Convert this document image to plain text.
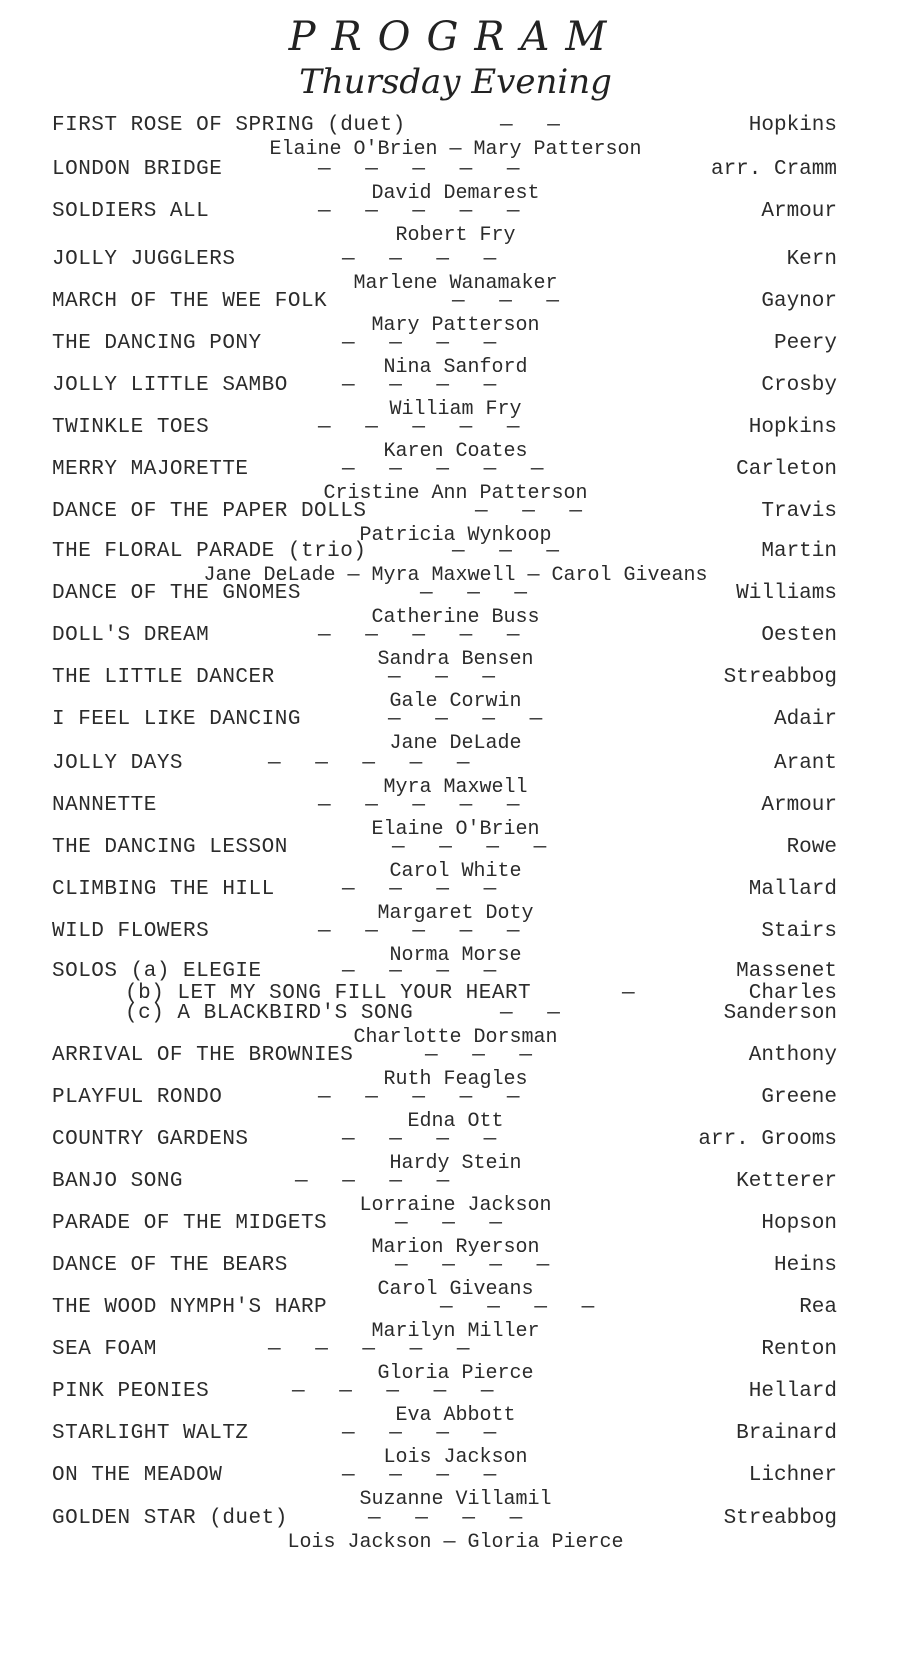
PROGRAM
Thursday Evening
FIRST ROSE OF SPRING (duet)	— —	Hopkins
Elaine O'Brien — Mary Patterson
LONDON BRIDGE	— — — — —	arr. Cramm
David Demarest
SOLDIERS ALL	— — — — —	Armour
Robert Fry
JOLLY JUGGLERS	— — — —	Kern
Marlene Wanamaker
MARCH OF THE WEE FOLK	— — —	Gaynor
Mary Patterson
THE DANCING PONY	— — — —	Peery
Nina Sanford
JOLLY LITTLE SAMBO	— — — —	Crosby
William Fry
TWINKLE TOES	— — — — —	Hopkins
Karen Coates
MERRY MAJORETTE	— — — — —	Carleton
Cristine Ann Patterson
DANCE OF THE PAPER DOLLS	— — —	Travis
Patricia Wynkoop
THE FLORAL PARADE (trio)	— — —	Martin
Jane DeLade — Myra Maxwell — Carol Giveans
DANCE OF THE GNOMES	— — —	Williams
Catherine Buss
DOLL'S DREAM	— — — — —	Oesten
Sandra Bensen
THE LITTLE DANCER	— — —	Streabbog
Gale Corwin
I FEEL LIKE DANCING	— — — —	Adair
Jane DeLade
JOLLY DAYS	— — — — —	Arant
Myra Maxwell
NANNETTE	— — — — —	Armour
Elaine O'Brien
THE DANCING LESSON	— — — —	Rowe
Carol White
CLIMBING THE HILL	— — — —	Mallard
Margaret Doty
WILD FLOWERS	— — — — —	Stairs
Norma Morse
SOLOS (a) ELEGIE	— — — —	Massenet
(b) LET MY SONG FILL YOUR HEART	—	Charles
(c) A BLACKBIRD'S SONG	— —	Sanderson
Charlotte Dorsman
ARRIVAL OF THE BROWNIES	— — —	Anthony
Ruth Feagles
PLAYFUL RONDO	— — — — —	Greene
Edna Ott
COUNTRY GARDENS	— — — —	arr. Grooms
Hardy Stein
BANJO SONG	— — — —	Ketterer
Lorraine Jackson
PARADE OF THE MIDGETS	— — —	Hopson
Marion Ryerson
DANCE OF THE BEARS	— — — —	Heins
Carol Giveans
THE WOOD NYMPH'S HARP	— — — —	Rea
Marilyn Miller
SEA FOAM	— — — — —	Renton
Gloria Pierce
PINK PEONIES	— — — — —	Hellard
Eva Abbott
STARLIGHT WALTZ	— — — —	Brainard
Lois Jackson
ON THE MEADOW	— — — —	Lichner
Suzanne Villamil
GOLDEN STAR (duet)	— — — —	Streabbog
Lois Jackson — Gloria Pierce
